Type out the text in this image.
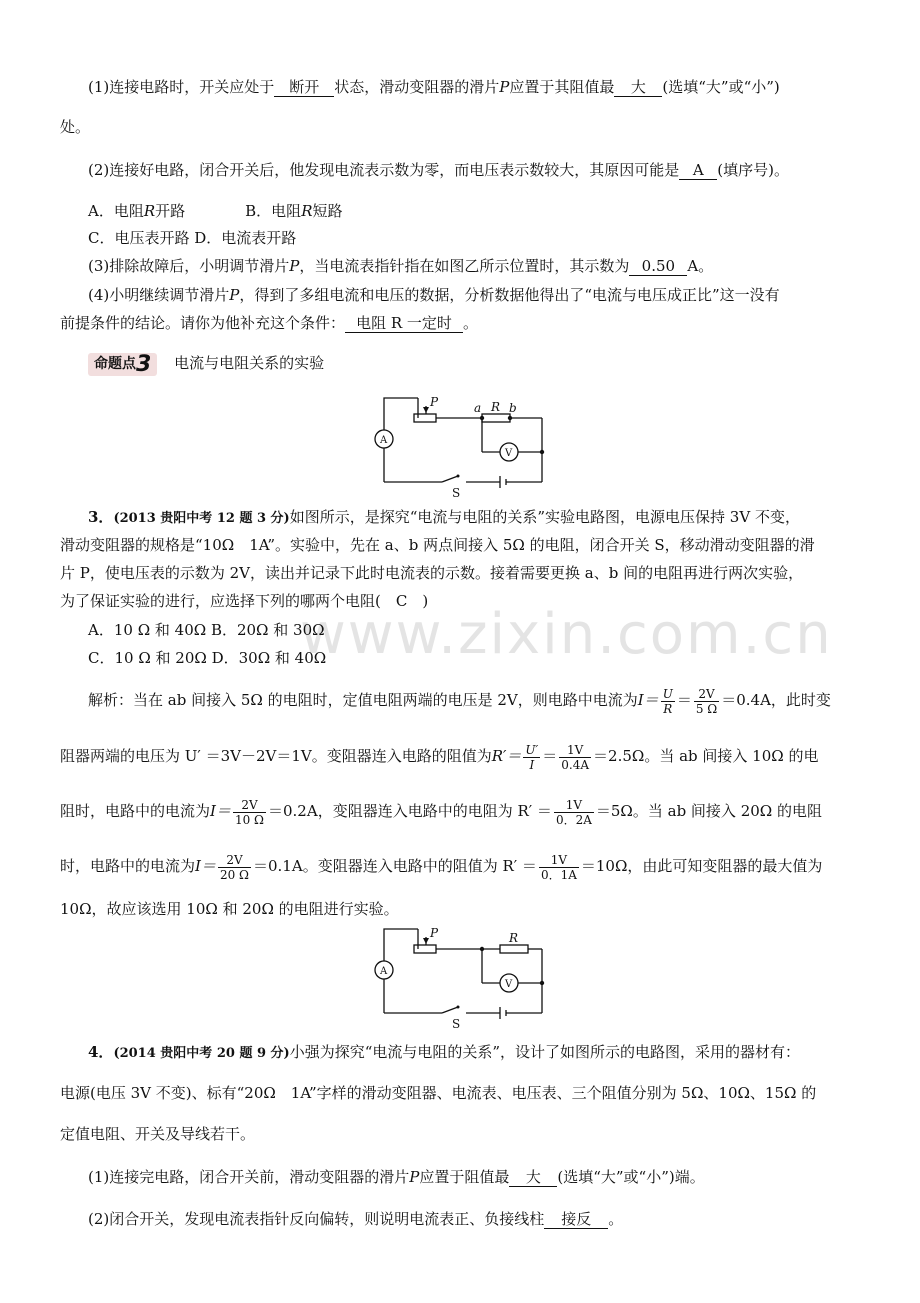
www.zixin.com.cn
(1)连接电路时，开关应处于 断开 状态，滑动变阻器的滑片P应置于其阻值最 大 (选填“大”或“小”)
处。
(2)连接好电路，闭合开关后，他发现电流表示数为零，而电压表示数较大，其原因可能是 A (填序号)。
A．电阻R开路	B．电阻R短路
C．电压表开路 D．电流表开路
(3)排除故障后，小明调节滑片P，当电流表指针指在如图乙所示位置时，其示数为 0.50 A。
(4)小明继续调节滑片P，得到了多组电流和电压的数据，分析数据他得出了“电流与电压成正比”这一没有
前提条件的结论。请你为他补充这个条件： 电阻 R 一定时 。
命题点3 电流与电阻关系的实验
P	a R b
A
V
S
3．(2013 贵阳中考 12 题 3 分)如图所示，是探究“电流与电阻的关系”实验电路图，电源电压保持 3V 不变，
滑动变阻器的规格是“10Ω　1A”。实验中，先在 a、b 两点间接入 5Ω 的电阻，闭合开关 S，移动滑动变阻器的滑
片 P，使电压表的示数为 2V，读出并记录下此时电流表的示数。接着需要更换 a、b 间的电阻再进行两次实验，
为了保证实验的进行，应选择下列的哪两个电阻(　C　)
A．10 Ω 和 40Ω B．20Ω 和 30Ω
C．10 Ω 和 20Ω D．30Ω 和 40Ω
解析：当在 ab 间接入 5Ω 的电阻时，定值电阻两端的电压是 2V，则电路中电流为$I= \frac{U}{R} = \frac{2V}{5 \Omega} =0.4A$，此时变
阻器两端的电压为 U′ ＝3V－2V＝1V。变阻器连入电路的阻值为$R'= \frac{U'}{I} = \frac{1V}{0.4A} =2.5\Omega$。当 ab 间接入 10Ω 的电
阻时，电路中的电流为$I= \frac{2V}{10 \Omega} =0.2A$，变阻器连入电路中的电阻为 $R' = \frac{1V}{0.2A} =5\Omega$。当 ab 间接入 20Ω 的电阻
时，电路中的电流为$I= \frac{2V}{20 \Omega} =0.1A$。变阻器连入电路中的阻值为 $R' = \frac{1V}{0.1A} =10\Omega$，由此可知变阻器的最大值为
10Ω，故应该选用 10Ω 和 20Ω 的电阻进行实验。
P	R
A
V
S
4．(2014 贵阳中考 20 题 9 分)小强为探究“电流与电阻的关系”，设计了如图所示的电路图，采用的器材有：
电源(电压 3V 不变)、标有“20Ω　1A”字样的滑动变阻器、电流表、电压表、三个阻值分别为 5Ω、10Ω、15Ω 的
定值电阻、开关及导线若干。
(1)连接完电路，闭合开关前，滑动变阻器的滑片P应置于阻值最 大 (选填“大”或“小”)端。
(2)闭合开关，发现电流表指针反向偏转，则说明电流表正、负接线柱 接反 。
